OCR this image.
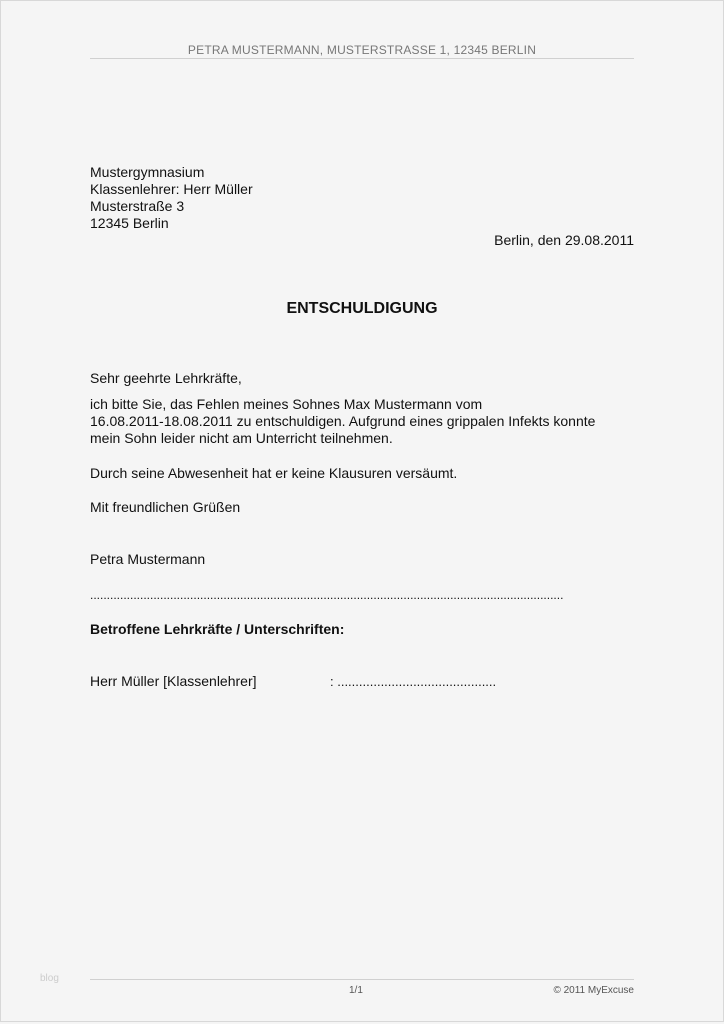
PETRA MUSTERMANN, MUSTERSTRASSE 1, 12345 BERLIN
Mustergymnasium
Klassenlehrer: Herr Müller
Musterstraße 3
12345 Berlin
Berlin, den 29.08.2011
ENTSCHULDIGUNG
Sehr geehrte Lehrkräfte,
ich bitte Sie, das Fehlen meines Sohnes Max Mustermann vom
16.08.2011-18.08.2011 zu entschuldigen. Aufgrund eines grippalen Infekts konnte
mein Sohn leider nicht am Unterricht teilnehmen.
Durch seine Abwesenheit hat er keine Klausuren versäumt.
Mit freundlichen Grüßen
Petra Mustermann
..............................................................................................................................................
Betroffene Lehrkräfte / Unterschriften:
Herr Müller [Klassenlehrer]	: ............................................
blog
1/1	© 2011 MyExcuse
